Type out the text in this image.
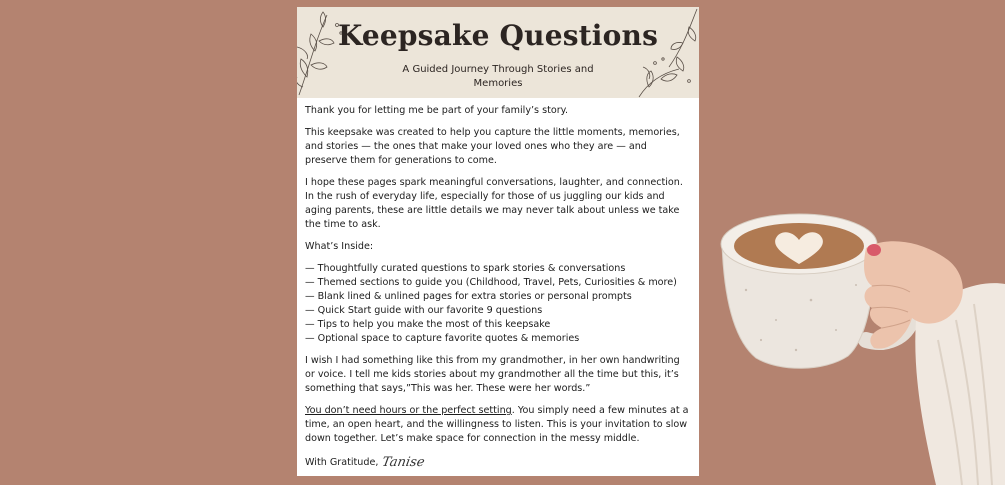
Keepsake Questions
A Guided Journey Through Stories and Memories

Thank you for letting me be part of your family’s story.

This keepsake was created to help you capture the little moments, memories, and stories — the ones that make your loved ones who they are — and preserve them for generations to come.

I hope these pages spark meaningful conversations, laughter, and connection. In the rush of everyday life, especially for those of us juggling our kids and aging parents, these are little details we may never talk about unless we take the time to ask.

What’s Inside:

— Thoughtfully curated questions to spark stories & conversations
— Themed sections to guide you (Childhood, Travel, Pets, Curiosities & more)
— Blank lined & unlined pages for extra stories or personal prompts
— Quick Start guide with our favorite 9 questions
— Tips to help you make the most of this keepsake
— Optional space to capture favorite quotes & memories

I wish I had something like this from my grandmother, in her own handwriting or voice. I tell me kids stories about my grandmother all the time but this, it’s something that says,”This was her. These were her words.”

You don’t need hours or the perfect setting. You simply need a few minutes at a time, an open heart, and the willingness to listen. This is your invitation to slow down together. Let’s make space for connection in the messy middle.

With Gratitude, Tanise
